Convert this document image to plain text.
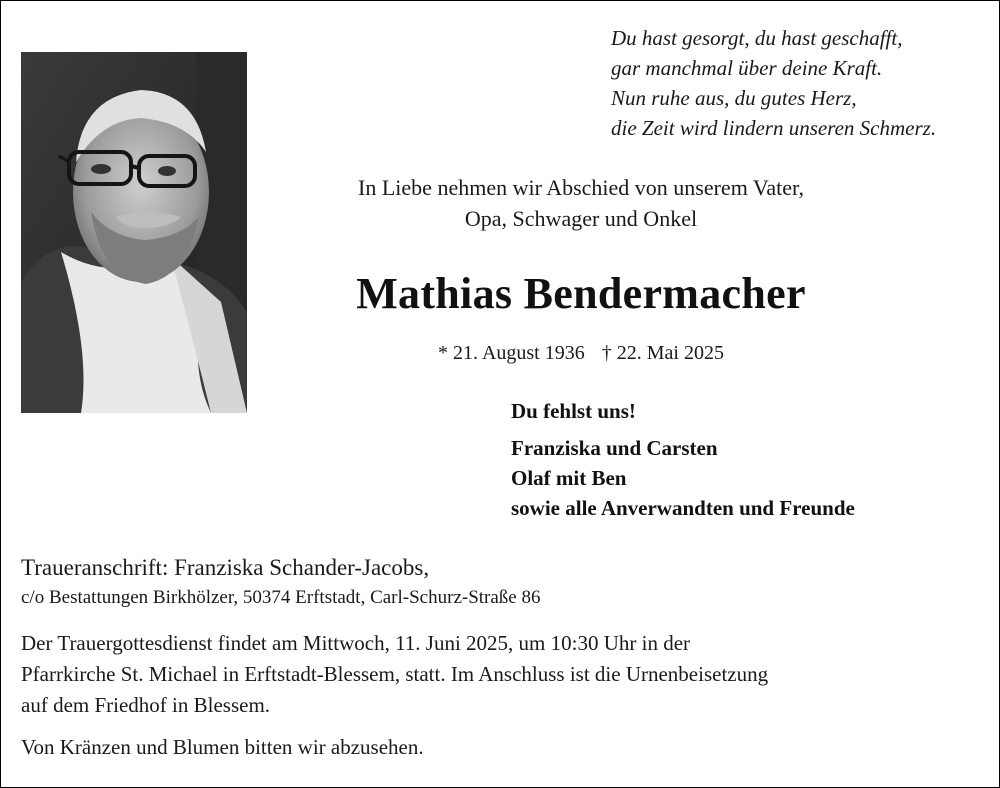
Du hast gesorgt, du hast geschafft,
gar manchmal über deine Kraft.
Nun ruhe aus, du gutes Herz,
die Zeit wird lindern unseren Schmerz.
In Liebe nehmen wir Abschied von unserem Vater,
Opa, Schwager und Onkel
Mathias Bendermacher
* 21. August 1936 † 22. Mai 2025
Du fehlst uns!
Franziska und Carsten
Olaf mit Ben
sowie alle Anverwandten und Freunde
Traueranschrift: Franziska Schander-Jacobs,
c/o Bestattungen Birkhölzer, 50374 Erftstadt, Carl-Schurz-Straße 86

Der Trauergottesdienst findet am Mittwoch, 11. Juni 2025, um 10:30 Uhr in der

Pfarrkirche St. Michael in Erftstadt-Blessem, statt. Im Anschluss ist die Urnenbeisetzung

auf dem Friedhof in Blessem.

Von Kränzen und Blumen bitten wir abzusehen.
